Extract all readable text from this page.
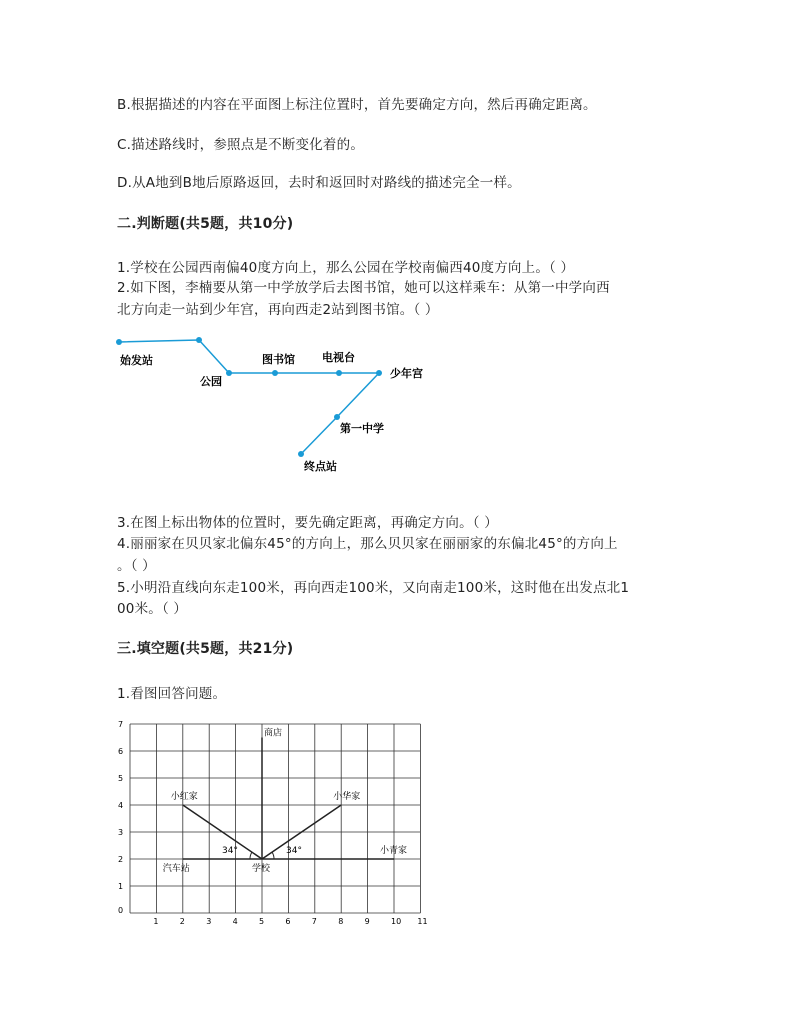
B.根据描述的内容在平面图上标注位置时，首先要确定方向，然后再确定距离。
C.描述路线时，参照点是不断变化着的。
D.从A地到B地后原路返回，去时和返回时对路线的描述完全一样。
二.判断题(共5题，共10分)
1.学校在公园西南偏40度方向上，那么公园在学校南偏西40度方向上。（ ）
2.如下图，李楠要从第一中学放学后去图书馆，她可以这样乘车：从第一中学向西
北方向走一站到少年宫，再向西走2站到图书馆。（ ）
始发站
公园
图书馆 电视台
少年宫
第一中学
终点站
3.在图上标出物体的位置时，要先确定距离，再确定方向。（ ）
4.丽丽家在贝贝家北偏东45°的方向上，那么贝贝家在丽丽家的东偏北45°的方向上
。（ ）
5.小明沿直线向东走100米，再向西走100米，又向南走100米，这时他在出发点北1
00米。（ ）
三.填空题(共5题，共21分)
1.看图回答问题。
1	2	3	4	5	6	7	8	9	10 11
0
1
2
3
4
5
6
7
商店
小红家	小华家
汽车站	学校
小青家
34°	34°
